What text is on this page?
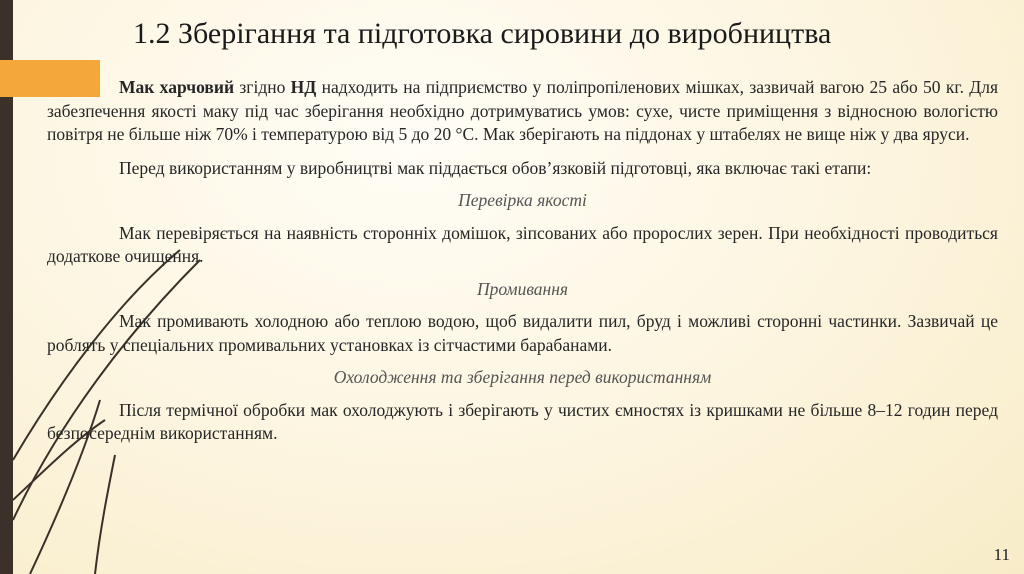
1.2 Зберігання та підготовка сировини до виробництва

Мак харчовий згідно НД надходить на підприємство у поліпропіленових мішках, зазвичай вагою 25 або 50 кг. Для забезпечення якості маку під час зберігання необхідно дотримуватись умов: сухе, чисте приміщення з відносною вологістю повітря не більше ніж 70% і температурою від 5 до 20 °С. Мак зберігають на піддонах у штабелях не вище ніж у два яруси.

Перед використанням у виробництві мак піддається обов’язковій підготовці, яка включає такі етапи:

Перевірка якості

Мак перевіряється на наявність сторонніх домішок, зіпсованих або пророслих зерен. При необхідності проводиться додаткове очищення.

Промивання

Мак промивають холодною або теплою водою, щоб видалити пил, бруд і можливі сторонні частинки. Зазвичай це роблять у спеціальних промивальних установках із сітчастими барабанами.

Охолодження та зберігання перед використанням

Після термічної обробки мак охолоджують і зберігають у чистих ємностях із кришками не більше 8–12 годин перед безпосереднім використанням.

11
